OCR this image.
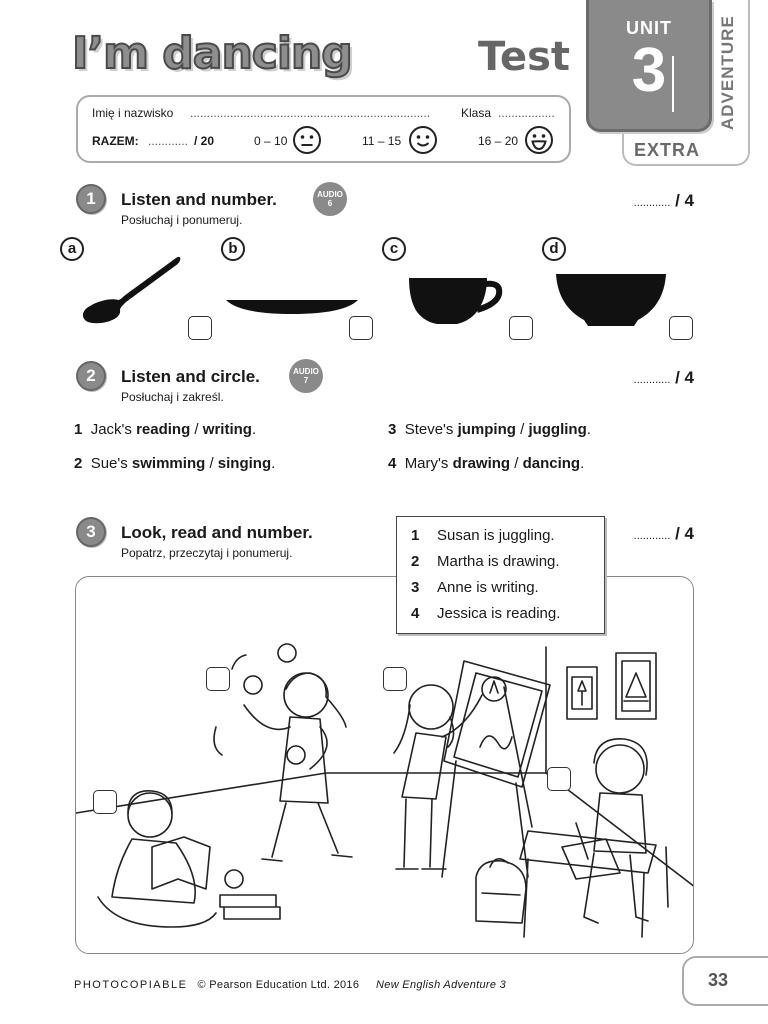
I’m dancing	Test
EXTRA
UNIT
3	ADVENTURE
Imię i nazwisko ........................................................................	Klasa .................
RAZEM: ............ / 20	0 – 10	11 – 15	16 – 20
1	Listen and number.
Posłuchaj i ponumeruj.
AUDIO
6	............ / 4
a	b	c	d
2	Listen and circle.
Posłuchaj i zakreśl.
AUDIO
7	............ / 4
1 Jack's reading / writing.
2 Sue's swimming / singing.
3 Steve's jumping / juggling.
4 Mary's drawing / dancing.
3	Look, read and number.
Popatrz, przeczytaj i ponumeruj.
............ / 4
1 Susan is juggling.
2 Martha is drawing.
3 Anne is writing.
4 Jessica is reading.
PHOTOCOPIABLE © Pearson Education Ltd. 2016 New English Adventure 3	33
